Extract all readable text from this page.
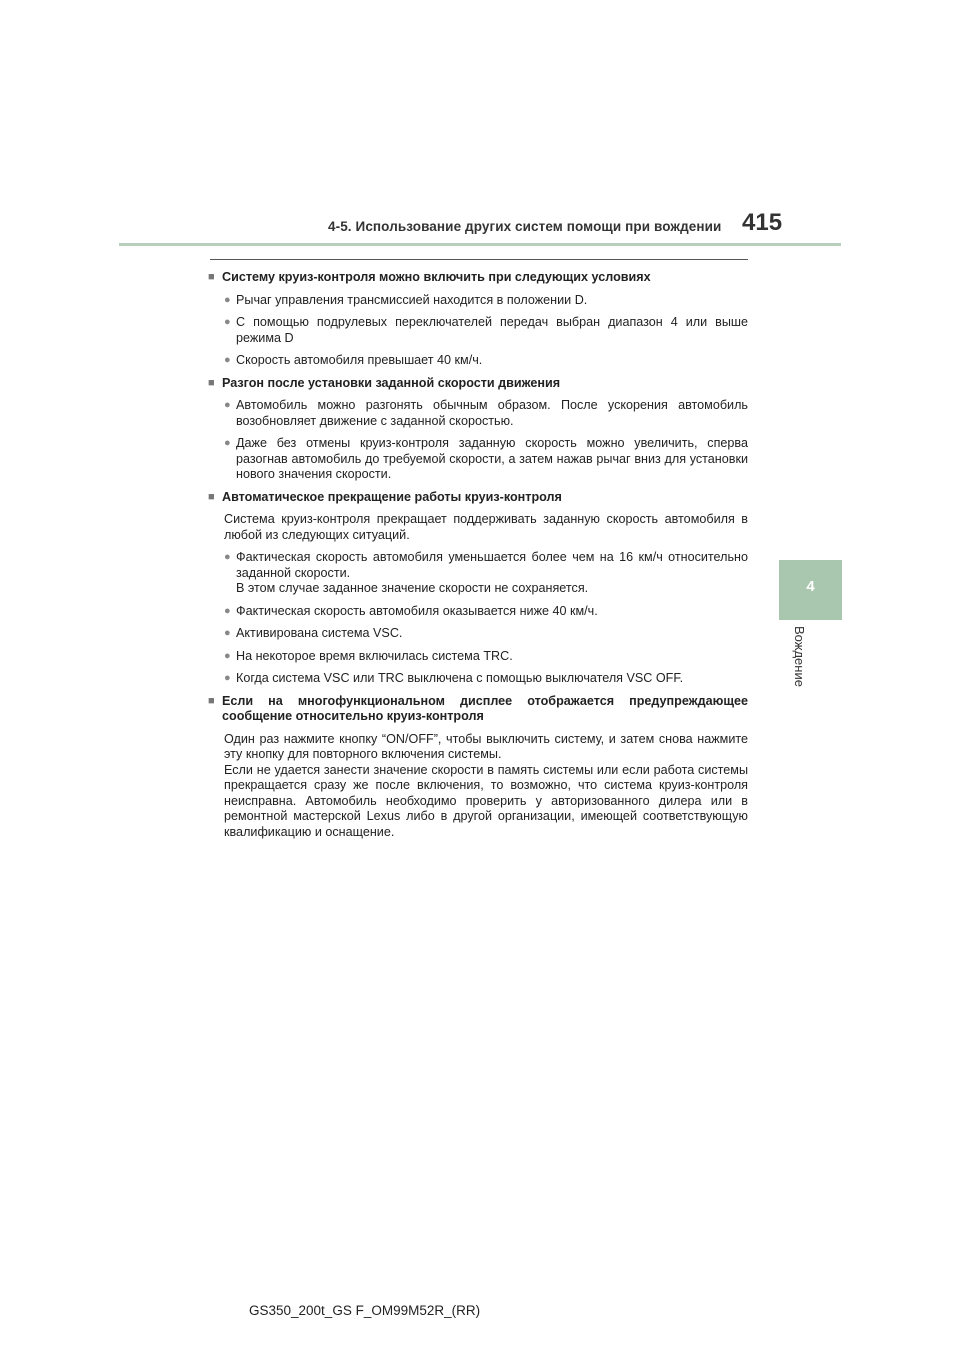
4-5. Использование других систем помощи при вождении 415
4
Вождение
■ Систему круиз-контроля можно включить при следующих условиях
● Рычаг управления трансмиссией находится в положении D.
● С помощью подрулевых переключателей передач выбран диапазон 4 или выше режима D
● Скорость автомобиля превышает 40 км/ч.
■ Разгон после установки заданной скорости движения
● Автомобиль можно разгонять обычным образом. После ускорения автомобиль возобновляет движение с заданной скоростью.
● Даже без отмены круиз-контроля заданную скорость можно увеличить, сперва разогнав автомобиль до требуемой скорости, а затем нажав рычаг вниз для установки нового значения скорости.
■ Автоматическое прекращение работы круиз-контроля
Система круиз-контроля прекращает поддерживать заданную скорость автомобиля в любой из следующих ситуаций.
● Фактическая скорость автомобиля уменьшается более чем на 16 км/ч относительно заданной скорости.
В этом случае заданное значение скорости не сохраняется.
● Фактическая скорость автомобиля оказывается ниже 40 км/ч.
● Активирована система VSC.
● На некоторое время включилась система TRC.
● Когда система VSC или TRC выключена с помощью выключателя VSC OFF.
■ Если на многофункциональном дисплее отображается предупреждающее сообщение относительно круиз-контроля
Один раз нажмите кнопку “ON/OFF”, чтобы выключить систему, и затем снова нажмите эту кнопку для повторного включения системы.
Если не удается занести значение скорости в память системы или если работа системы прекращается сразу же после включения, то возможно, что система круиз-контроля неисправна. Автомобиль необходимо проверить у авторизованного дилера или в ремонтной мастерской Lexus либо в другой организации, имеющей соответствующую квалификацию и оснащение.
GS350_200t_GS F_OM99M52R_(RR)
